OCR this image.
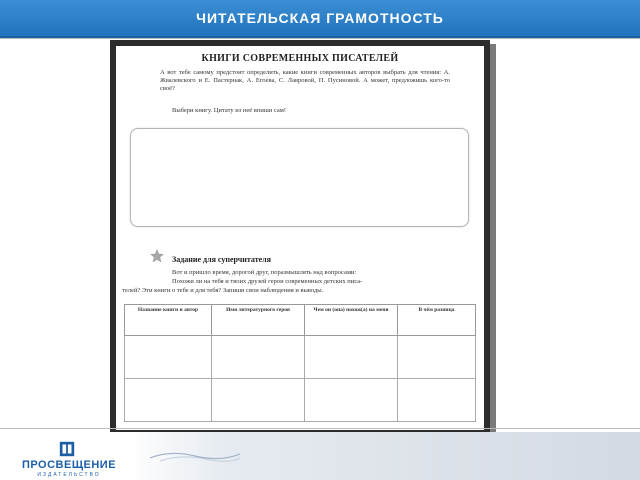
ЧИТАТЕЛЬСКАЯ ГРАМОТНОСТЬ
КНИГИ СОВРЕМЕННЫХ ПИСАТЕЛЕЙ
А вот тебе самому предстоит определить, какие книги современных авторов выбрать для чтения: А. Жвалевского и Е. Пастернак, А. Егоева, С. Лавровой, П. Пусиновой. А может, предложишь кого-то своё?
Выбери книгу. Цитату из неё впиши сам!
Задание для суперчитателя
Вот и пришло время, дорогой друг, поразмышлять над вопросами:
Похожи ли на тебя и твоих друзей герои современных детских писа-
телей? Эти книги о тебе и для тебя? Запиши свои наблюдения и выводы.
Название книги и автор	Имя литературного героя	Чем он (она) похож(а) на меня	В чём разница

ПРОСВЕЩЕНИЕ
ИЗДАТЕЛЬСТВО
